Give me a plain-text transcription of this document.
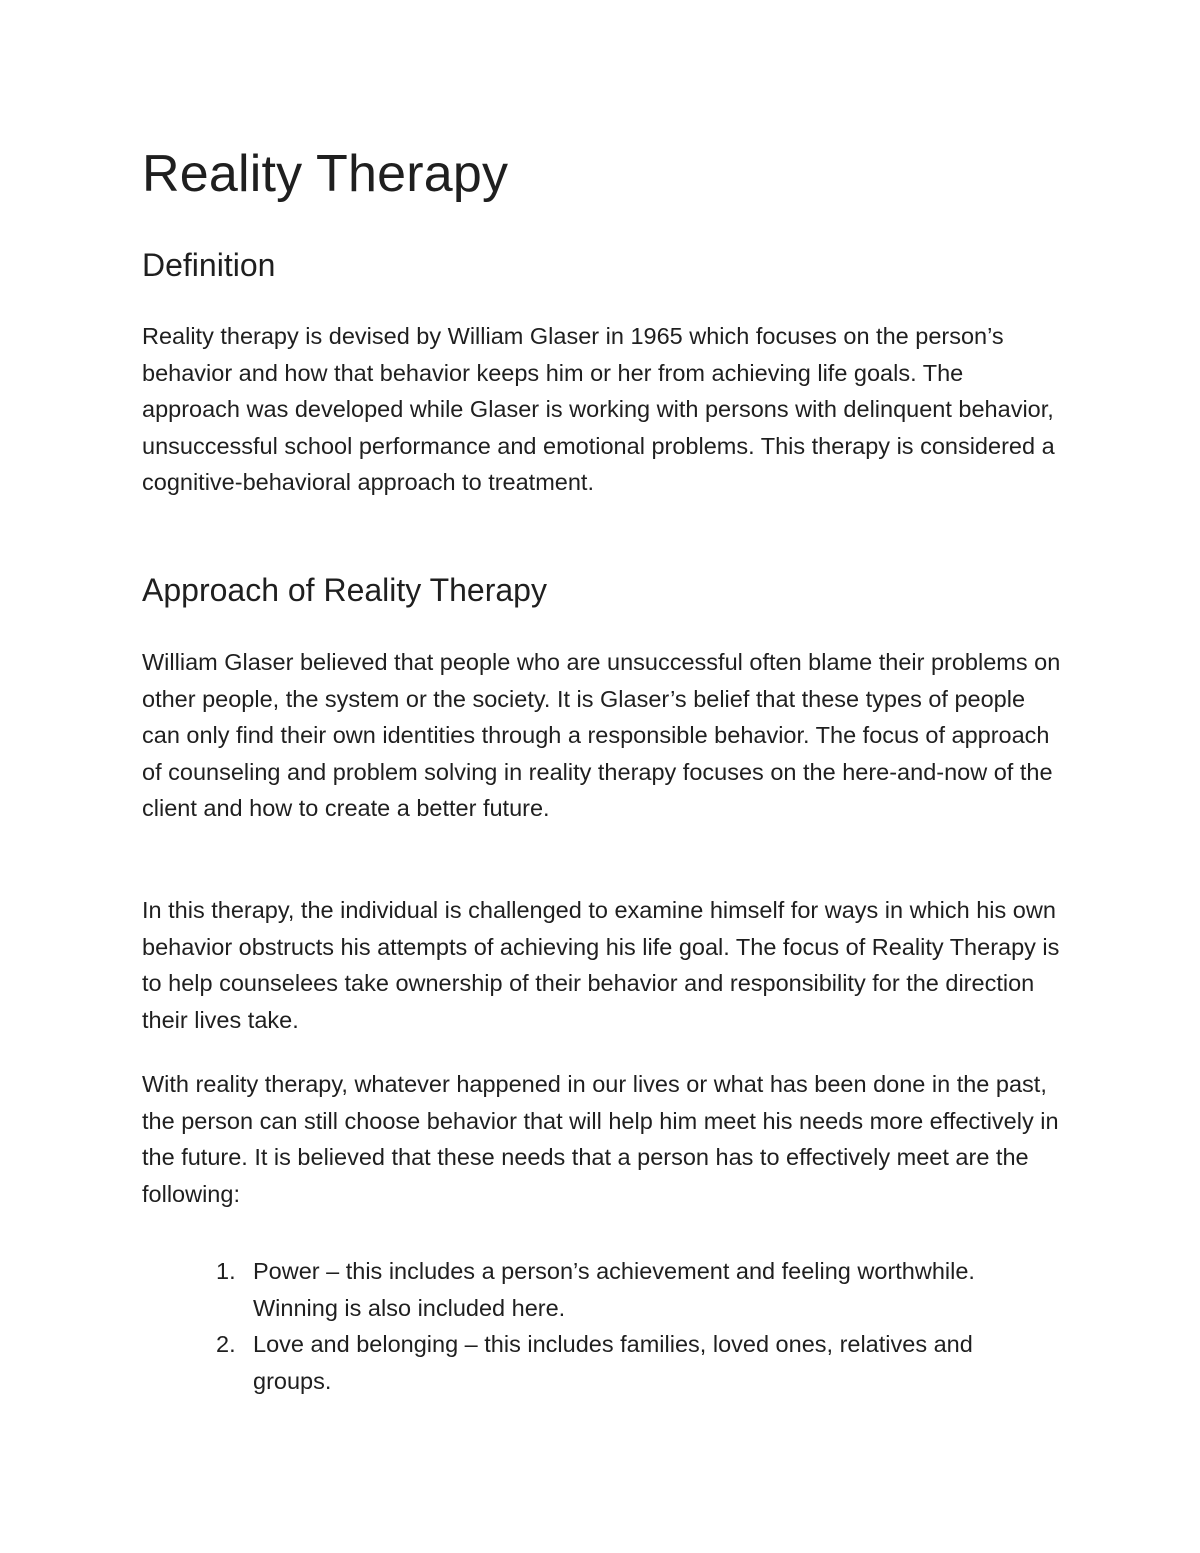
Reality Therapy
Definition

Reality therapy is devised by William Glaser in 1965 which focuses on the person’s behavior and how that behavior keeps him or her from achieving life goals. The approach was developed while Glaser is working with persons with delinquent behavior, unsuccessful school performance and emotional problems. This therapy is considered a cognitive-behavioral approach to treatment.

Approach of Reality Therapy

William Glaser believed that people who are unsuccessful often blame their problems on other people, the system or the society. It is Glaser’s belief that these types of people can only find their own identities through a responsible behavior. The focus of approach of counseling and problem solving in reality therapy focuses on the here-and-now of the client and how to create a better future.

In this therapy, the individual is challenged to examine himself for ways in which his own behavior obstructs his attempts of achieving his life goal. The focus of Reality Therapy is to help counselees take ownership of their behavior and responsibility for the direction their lives take.

With reality therapy, whatever happened in our lives or what has been done in the past, the person can still choose behavior that will help him meet his needs more effectively in the future. It is believed that these needs that a person has to effectively meet are the following:

1. Power – this includes a person’s achievement and feeling worthwhile. Winning is also included here.
2. Love and belonging – this includes families, loved ones, relatives and groups.
